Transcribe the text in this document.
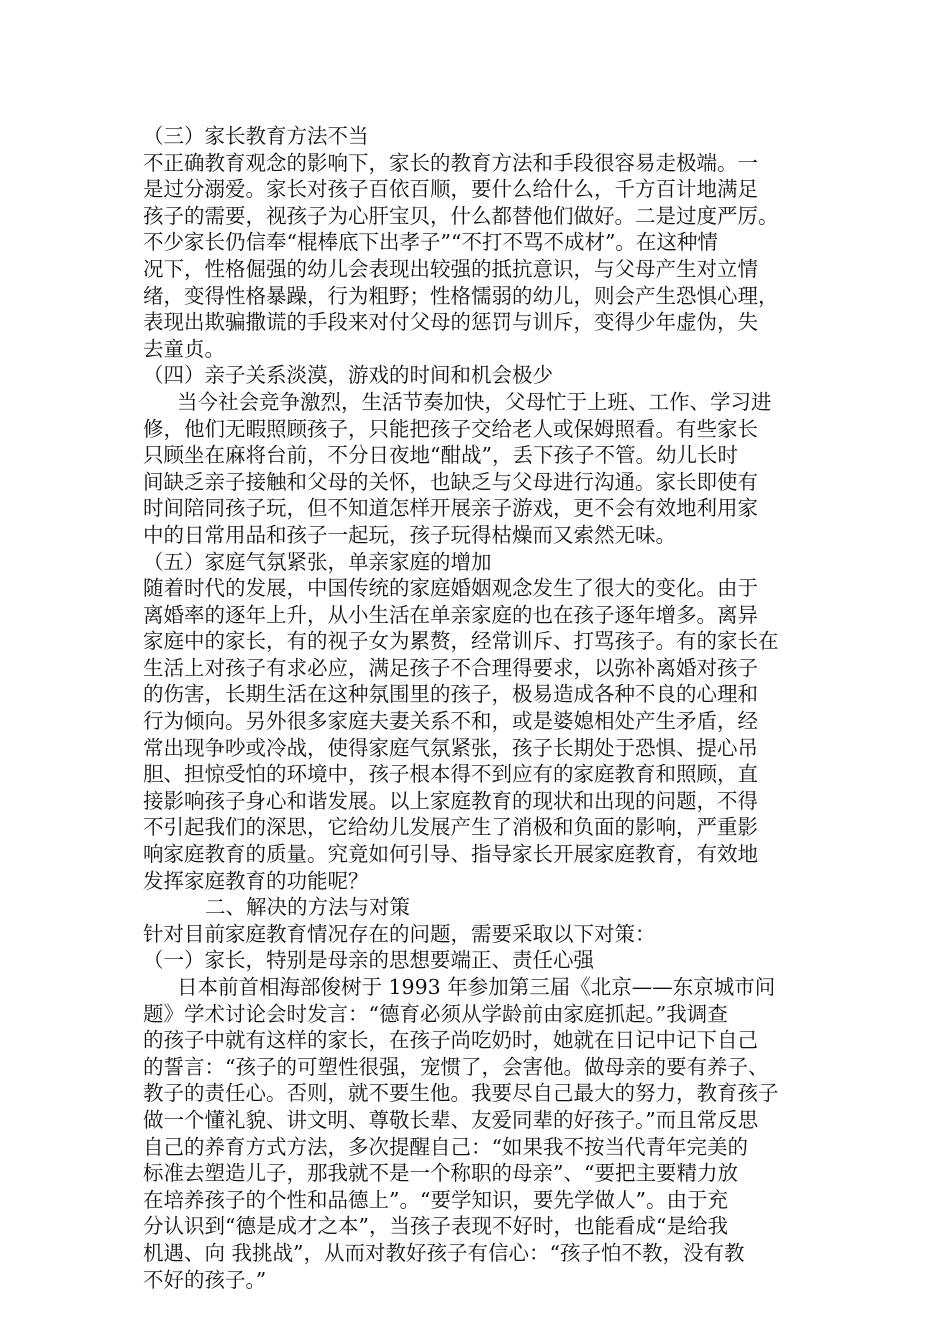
（三）家长教育方法不当
不正确教育观念的影响下，家长的教育方法和手段很容易走极端。一
是过分溺爱。家长对孩子百依百顺，要什么给什么，千方百计地满足
孩子的需要，视孩子为心肝宝贝，什么都替他们做好。二是过度严厉。
不少家长仍信奉“棍棒底下出孝子”“不打不骂不成材”。在这种情
况下，性格倔强的幼儿会表现出较强的抵抗意识，与父母产生对立情
绪，变得性格暴躁，行为粗野；性格懦弱的幼儿，则会产生恐惧心理，
表现出欺骗撒谎的手段来对付父母的惩罚与训斥，变得少年虚伪，失
去童贞。
（四）亲子关系淡漠，游戏的时间和机会极少
当今社会竞争激烈，生活节奏加快，父母忙于上班、工作、学习进
修，他们无暇照顾孩子，只能把孩子交给老人或保姆照看。有些家长
只顾坐在麻将台前，不分日夜地“酣战”，丢下孩子不管。幼儿长时
间缺乏亲子接触和父母的关怀，也缺乏与父母进行沟通。家长即使有
时间陪同孩子玩，但不知道怎样开展亲子游戏，更不会有效地利用家
中的日常用品和孩子一起玩，孩子玩得枯燥而又索然无味。
（五）家庭气氛紧张，单亲家庭的增加
随着时代的发展，中国传统的家庭婚姻观念发生了很大的变化。由于
离婚率的逐年上升，从小生活在单亲家庭的也在孩子逐年增多。离异
家庭中的家长，有的视子女为累赘，经常训斥、打骂孩子。有的家长在
生活上对孩子有求必应，满足孩子不合理得要求，以弥补离婚对孩子
的伤害，长期生活在这种氛围里的孩子，极易造成各种不良的心理和
行为倾向。另外很多家庭夫妻关系不和，或是婆媳相处产生矛盾，经
常出现争吵或冷战，使得家庭气氛紧张，孩子长期处于恐惧、提心吊
胆、担惊受怕的环境中，孩子根本得不到应有的家庭教育和照顾，直
接影响孩子身心和谐发展。以上家庭教育的现状和出现的问题，不得
不引起我们的深思，它给幼儿发展产生了消极和负面的影响，严重影
响家庭教育的质量。究竟如何引导、指导家长开展家庭教育，有效地
发挥家庭教育的功能呢？
二、解决的方法与对策
针对目前家庭教育情况存在的问题，需要采取以下对策：
（一）家长，特别是母亲的思想要端正、责任心强
日本前首相海部俊树于 1993 年参加第三届《北京——东京城市问
题》学术讨论会时发言：“德育必须从学龄前由家庭抓起。”我调查
的孩子中就有这样的家长，在孩子尚吃奶时，她就在日记中记下自己
的誓言：“孩子的可塑性很强，宠惯了，会害他。做母亲的要有养子、
教子的责任心。否则，就不要生他。我要尽自己最大的努力，教育孩子
做一个懂礼貌、讲文明、尊敬长辈、友爱同辈的好孩子。”而且常反思
自己的养育方式方法，多次提醒自己：“如果我不按当代青年完美的
标准去塑造儿子，那我就不是一个称职的母亲”、“要把主要精力放
在培养孩子的个性和品德上”。“要学知识，要先学做人”。由于充
分认识到“德是成才之本”，当孩子表现不好时，也能看成“是给我
机遇、向 我挑战”，从而对教好孩子有信心：“孩子怕不教，没有教
不好的孩子。”
